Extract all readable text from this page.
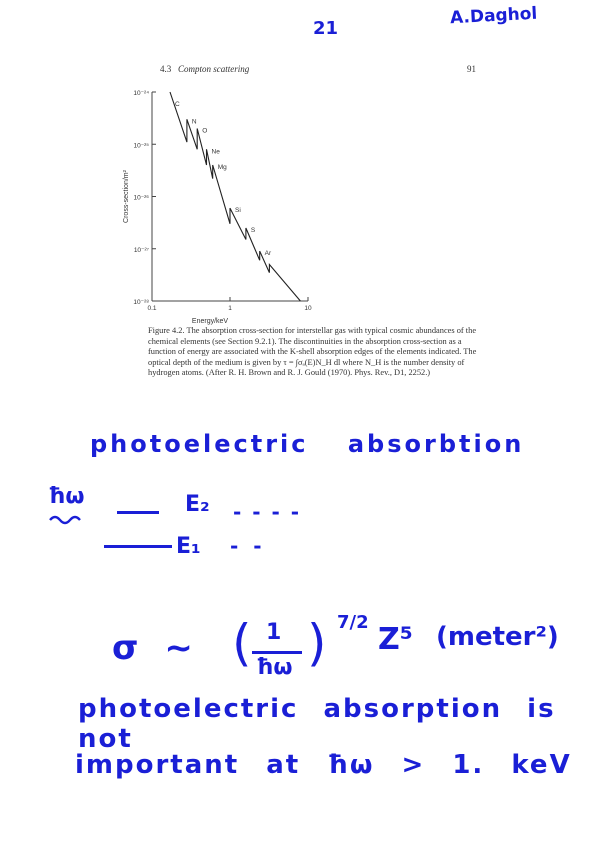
21
A.Daghol
4.3 Compton scattering	91
10⁻²⁴
10⁻²⁵
10⁻²⁶
10⁻²⁷
10⁻²⁸
0.1	1	10
Energy/keV
Cross-section/m²
C
N
O
Ne
Mg
Si
S
Ar
Figure 4.2. The absorption cross-section for interstellar gas with typical cosmic abundances of the chemical elements (see Section 9.2.1). The discontinuities in the absorption cross-section as a function of energy are associated with the K-shell absorption edges of the elements indicated. The optical depth of the medium is given by τ = ∫σₐ(E)N_H dl where N_H is the number density of hydrogen atoms. (After R. H. Brown and R. J. Gould (1970). Phys. Rev., D1, 2252.)
photoelectric absorbtion
ħω	E₂ - - - -
E₁ - -
σ ~ ( 1
ħω ) 7/2 Z⁵ (meter²)
photoelectric absorption is not
important at ħω > 1. keV
